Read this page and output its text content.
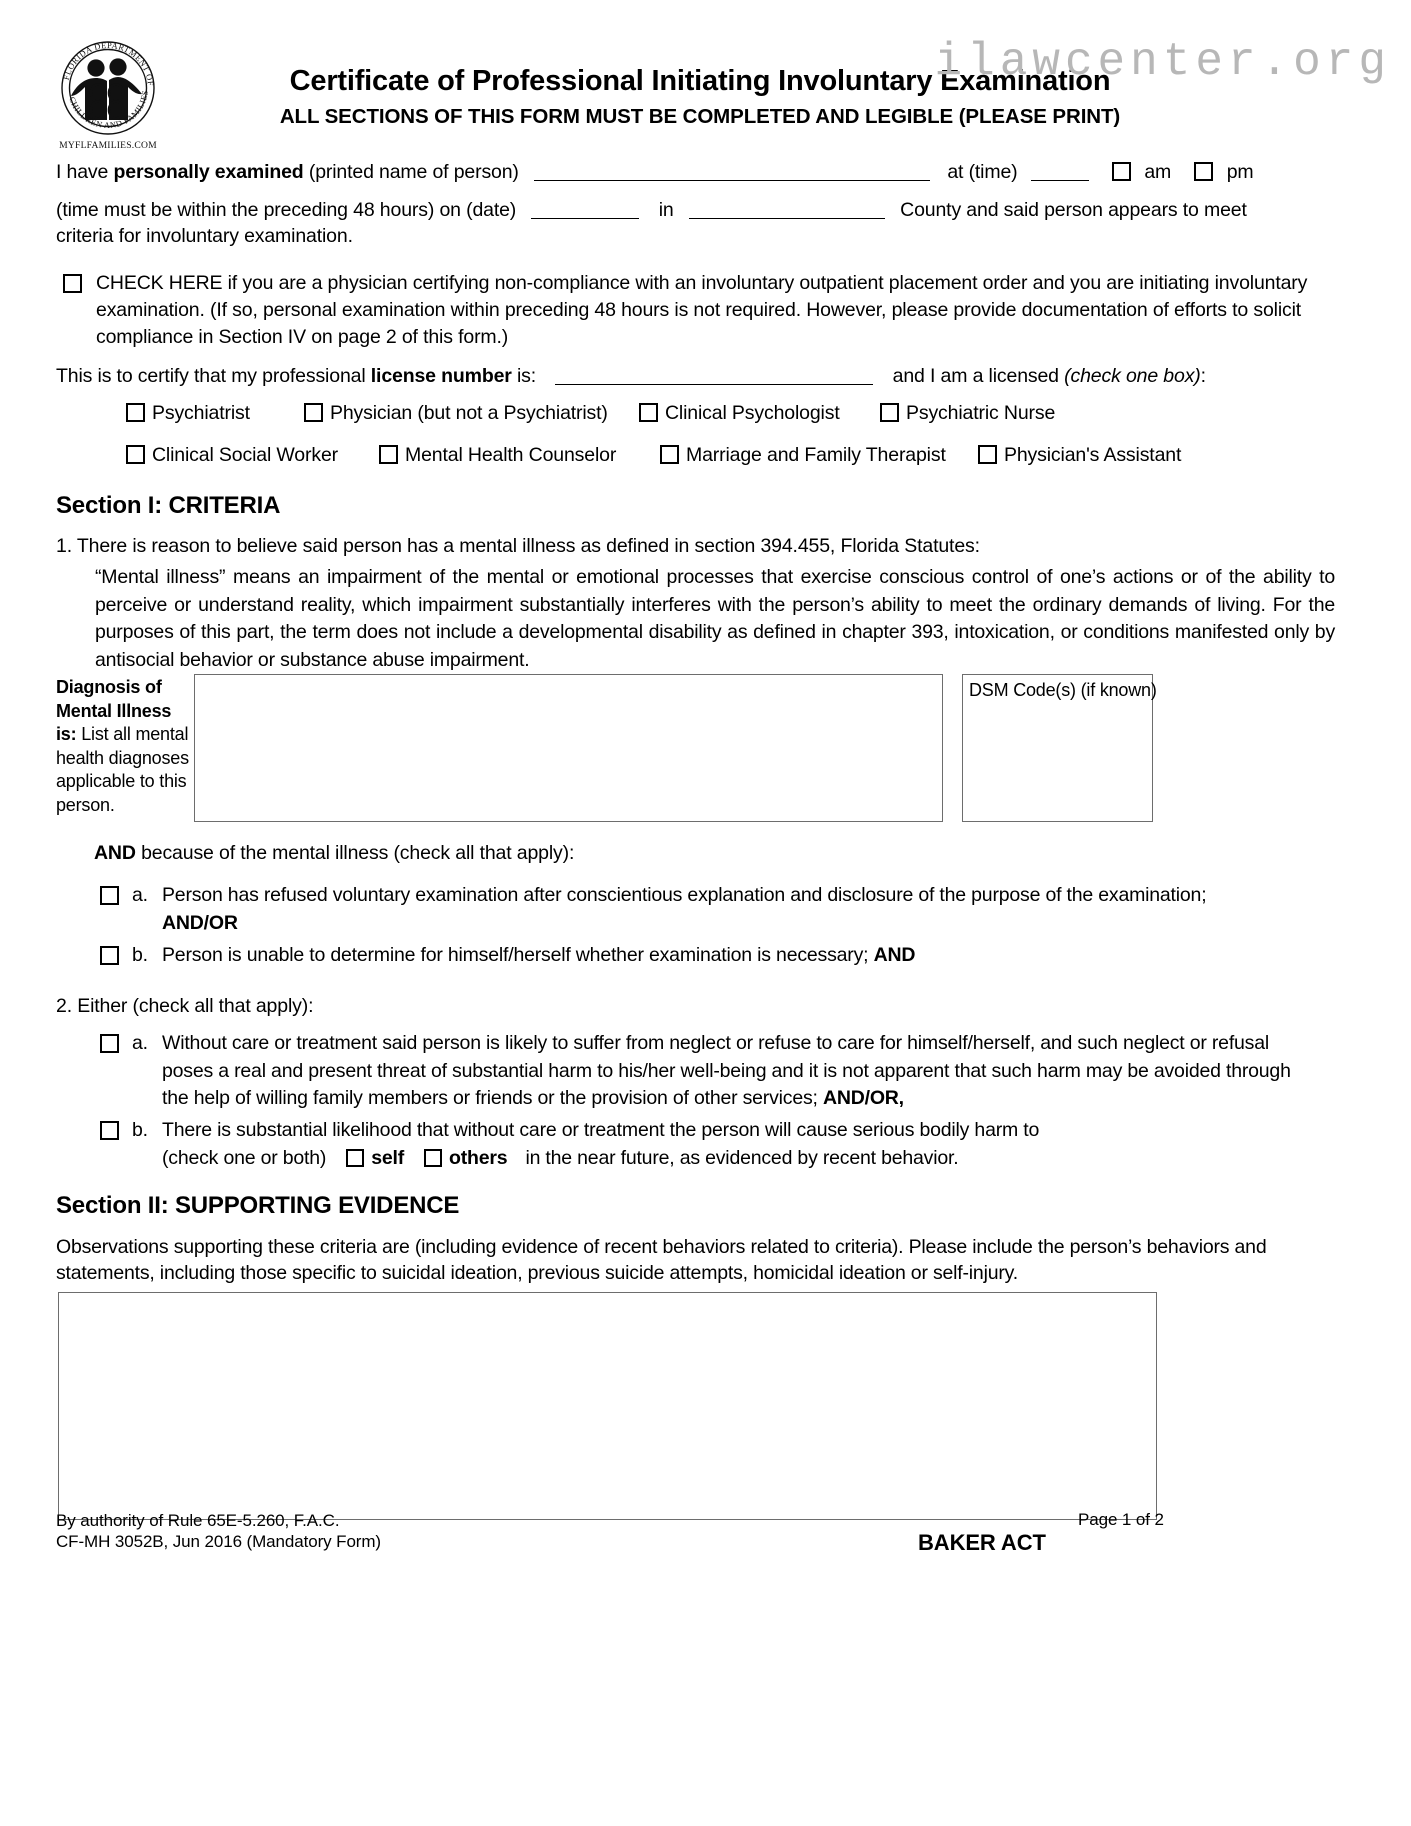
ilawcenter.org
FLORIDA DEPARTMENT OF
CHILDREN AND FAMILIES
MYFLFAMILIES.COM
Certificate of Professional Initiating Involuntary Examination
ALL SECTIONS OF THIS FORM MUST BE COMPLETED AND LEGIBLE (PLEASE PRINT)
I have personally examined (printed name of person)	at (time)	am	pm
(time must be within the preceding 48 hours) on (date)	in	County and said person appears to meet
criteria for involuntary examination.
CHECK HERE if you are a physician certifying non-compliance with an involuntary outpatient placement order and you are initiating involuntary examination. (If so, personal examination within preceding 48 hours is not required. However, please provide documentation of efforts to solicit compliance in Section IV on page 2 of this form.)
This is to certify that my professional license number is:	and I am a licensed (check one box):
Psychiatrist	Physician (but not a Psychiatrist)	Clinical Psychologist	Psychiatric Nurse
Clinical Social Worker	Mental Health Counselor	Marriage and Family Therapist	Physician's Assistant
Section I: CRITERIA
1. There is reason to believe said person has a mental illness as defined in section 394.455, Florida Statutes:
“Mental illness” means an impairment of the mental or emotional processes that exercise conscious control of one’s actions or of the ability to perceive or understand reality, which impairment substantially interferes with the person’s ability to meet the ordinary demands of living. For the purposes of this part, the term does not include a developmental disability as defined in chapter 393, intoxication, or conditions manifested only by antisocial behavior or substance abuse impairment.
Diagnosis of Mental Illness is: List all mental health diagnoses applicable to this person.
DSM Code(s) (if known)
AND because of the mental illness (check all that apply):
a. Person has refused voluntary examination after conscientious explanation and disclosure of the purpose of the examination;
AND/OR
b. Person is unable to determine for himself/herself whether examination is necessary; AND
2. Either (check all that apply):
a. Without care or treatment said person is likely to suffer from neglect or refuse to care for himself/herself, and such neglect or refusal poses a real and present threat of substantial harm to his/her well-being and it is not apparent that such harm may be avoided through the help of willing family members or friends or the provision of other services; AND/OR,
b. There is substantial likelihood that without care or treatment the person will cause serious bodily harm to
(check one or both) self others in the near future, as evidenced by recent behavior.
Section II: SUPPORTING EVIDENCE
Observations supporting these criteria are (including evidence of recent behaviors related to criteria). Please include the person’s behaviors and statements, including those specific to suicidal ideation, previous suicide attempts, homicidal ideation or self-injury.
By authority of Rule 65E-5.260, F.A.C.
CF-MH 3052B, Jun 2016 (Mandatory Form)	BAKER ACT
Page 1 of 2
